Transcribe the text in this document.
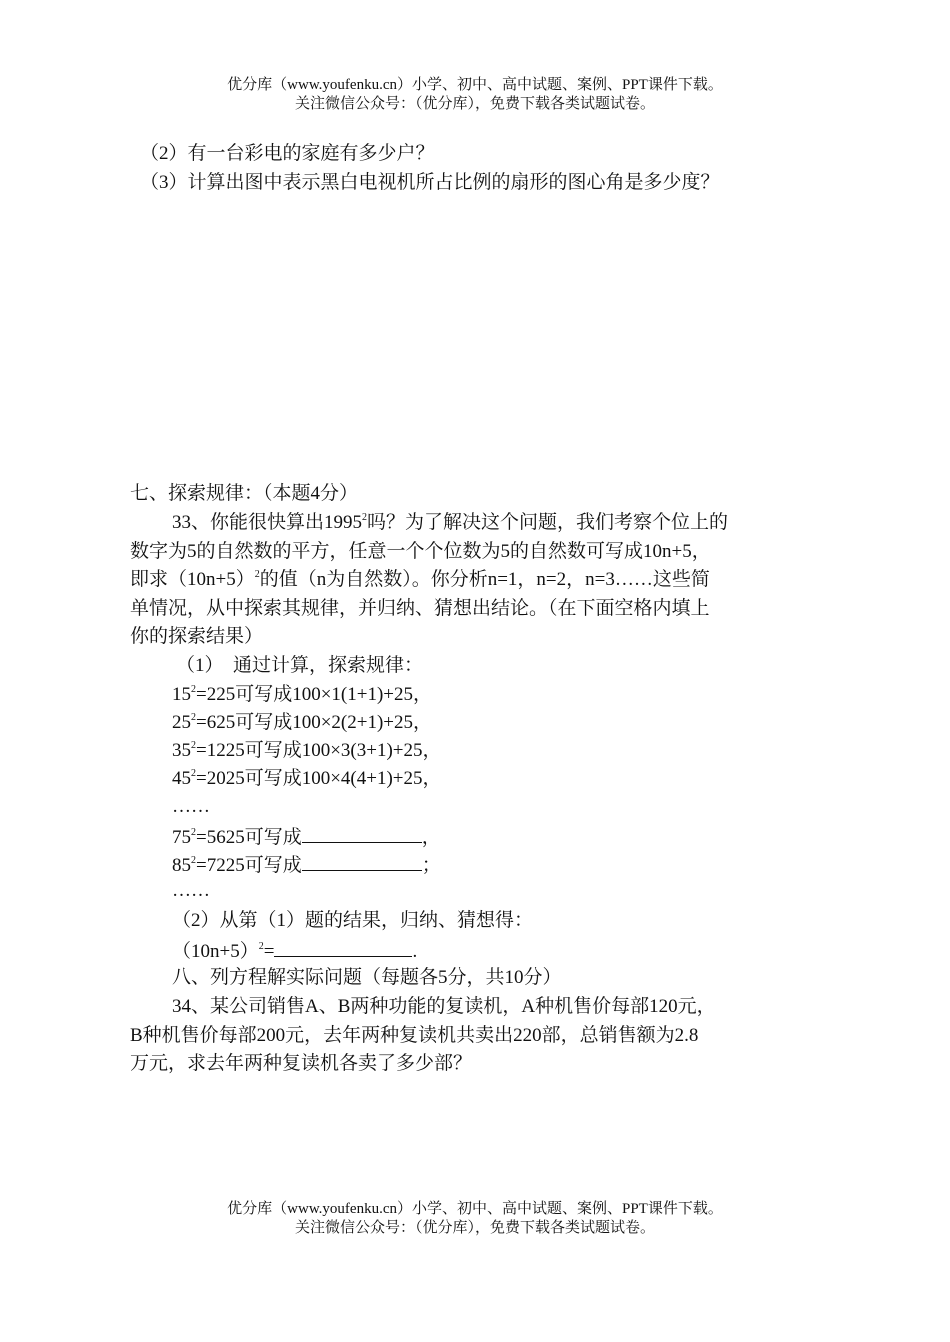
优分库（www.youfenku.cn）小学、初中、高中试题、案例、PPT课件下载。
关注微信公众号：（优分库），免费下载各类试题试卷。
（2）有一台彩电的家庭有多少户？
（3）计算出图中表示黑白电视机所占比例的扇形的图心角是多少度？
七、探索规律：（本题4分）
33、你能很快算出1995$^2$吗？为了解决这个问题，我们考察个位上的
数字为5的自然数的平方，任意一个个位数为5的自然数可写成10n+5，
即求$(10n+5)^2$的值（n为自然数）。你分析n=1，n=2，n=3……这些简
单情况，从中探索其规律，并归纳、猜想出结论。（在下面空格内填上
你的探索结果）
（1）　通过计算，探索规律：
$15^2=225$可写成100×1(1+1)+25，
$25^2=625$可写成100×2(2+1)+25，
$35^2=1225$可写成100×3(3+1)+25，
$45^2=2025$可写成100×4(4+1)+25，
……
$75^2=5625$可写成	，
$85^2=7225$可写成	；
……
（2）从第（1）题的结果，归纳、猜想得：
$(10n+5)^2=$	.
八、列方程解实际问题（每题各5分，共10分）
34、某公司销售A、B两种功能的复读机，A种机售价每部120元，
B种机售价每部200元，去年两种复读机共卖出220部，总销售额为2.8
万元，求去年两种复读机各卖了多少部？
优分库（www.youfenku.cn）小学、初中、高中试题、案例、PPT课件下载。
关注微信公众号：（优分库），免费下载各类试题试卷。
